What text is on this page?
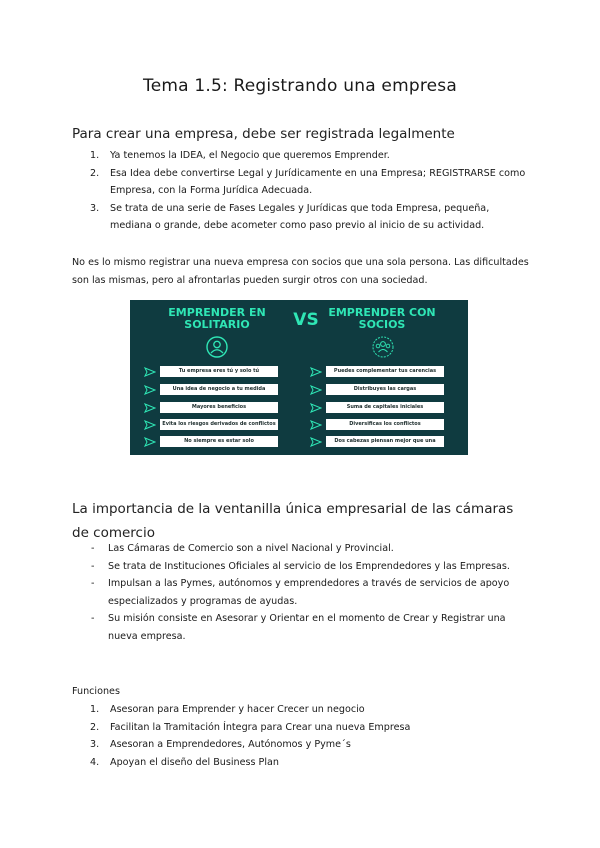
Tema 1.5: Registrando una empresa
Para crear una empresa, debe ser registrada legalmente
1. Ya tenemos la IDEA, el Negocio que queremos Emprender.
2. Esa Idea debe convertirse Legal y Jurídicamente en una Empresa; REGISTRARSE como Empresa, con la Forma Jurídica Adecuada.
3. Se trata de una serie de Fases Legales y Jurídicas que toda Empresa, pequeña, mediana o grande, debe acometer como paso previo al inicio de su actividad.
No es lo mismo registrar una nueva empresa con socios que una sola persona. Las dificultades son las mismas, pero al afrontarlas pueden surgir otros con una sociedad.
EMPRENDER EN SOLITARIO	VS EMPRENDER CON SOCIOS
Tu empresa eres tú y solo tú
Una idea de negocio a tu medida
Mayores beneficios
Evita los riesgos derivados de conflictos
No siempre es estar solo
Puedes complementar tus carencias
Distribuyes las cargas
Suma de capitales iniciales
Diversificas los conflictos
Dos cabezas piensan mejor que una
La importancia de la ventanilla única empresarial de las cámaras de comercio
- Las Cámaras de Comercio son a nivel Nacional y Provincial.
- Se trata de Instituciones Oficiales al servicio de los Emprendedores y las Empresas.
- Impulsan a las Pymes, autónomos y emprendedores a través de servicios de apoyo especializados y programas de ayudas.
- Su misión consiste en Asesorar y Orientar en el momento de Crear y Registrar una nueva empresa.
Funciones
1. Asesoran para Emprender y hacer Crecer un negocio
2. Facilitan la Tramitación Íntegra para Crear una nueva Empresa
3. Asesoran a Emprendedores, Autónomos y Pyme´s
4. Apoyan el diseño del Business Plan
